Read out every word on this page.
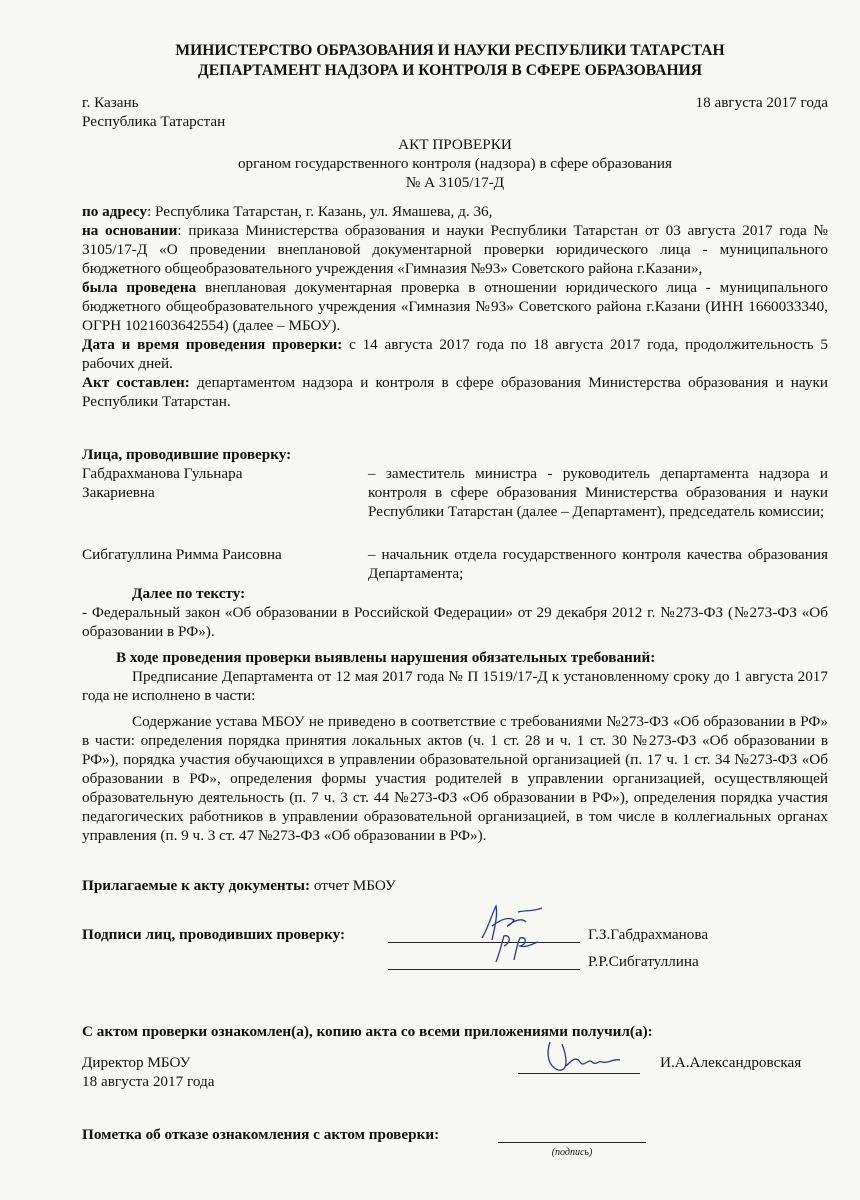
МИНИСТЕРСТВО ОБРАЗОВАНИЯ И НАУКИ РЕСПУБЛИКИ ТАТАРСТАН
ДЕПАРТАМЕНТ НАДЗОРА И КОНТРОЛЯ В СФЕРЕ ОБРАЗОВАНИЯ
г. Казань
Республика Татарстан
18 августа 2017 года
АКТ ПРОВЕРКИ
органом государственного контроля (надзора) в сфере образования
№ А 3105/17-Д

по адресу: Республика Татарстан, г. Казань, ул. Ямашева, д. 36,

на основании: приказа Министерства образования и науки Республики Татарстан от 03 августа 2017 года № 3105/17-Д «О проведении внеплановой документарной проверки юридического лица - муниципального бюджетного общеобразовательного учреждения «Гимназия №93» Советского района г.Казани»,

была проведена внеплановая документарная проверка в отношении юридического лица - муниципального бюджетного общеобразовательного учреждения «Гимназия №93» Советского района г.Казани (ИНН 1660033340, ОГРН 1021603642554) (далее – МБОУ).

Дата и время проведения проверки: с 14 августа 2017 года по 18 августа 2017 года, продолжительность 5 рабочих дней.

Акт составлен: департаментом надзора и контроля в сфере образования Министерства образования и науки Республики Татарстан.

Лица, проводившие проверку:
Габдрахманова Гульнара Закариевна
– заместитель министра - руководитель департамента надзора и контроля в сфере образования Министерства образования и науки Республики Татарстан (далее – Департамент), председатель комиссии;
Сибгатуллина Римма Раисовна	– начальник отдела государственного контроля качества образования Департамента;
Далее по тексту:
- Федеральный закон «Об образовании в Российской Федерации» от 29 декабря 2012 г. №273-ФЗ (№273-ФЗ «Об образовании в РФ»).
В ходе проведения проверки выявлены нарушения обязательных требований:

Предписание Департамента от 12 мая 2017 года № П 1519/17-Д к установленному сроку до 1 августа 2017 года не исполнено в части:

Содержание устава МБОУ не приведено в соответствие с требованиями №273-ФЗ «Об образовании в РФ» в части: определения порядка принятия локальных актов (ч. 1 ст. 28 и ч. 1 ст. 30 №273-ФЗ «Об образовании в РФ»), порядка участия обучающихся в управлении образовательной организацией (п. 17 ч. 1 ст. 34 №273-ФЗ «Об образовании в РФ», определения формы участия родителей в управлении организацией, осуществляющей образовательную деятельность (п. 7 ч. 3 ст. 44 №273-ФЗ «Об образовании в РФ»), определения порядка участия педагогических работников в управлении образовательной организацией, в том числе в коллегиальных органах управления (п. 9 ч. 3 ст. 47 №273-ФЗ «Об образовании в РФ»).

Прилагаемые к акту документы: отчет МБОУ
Подписи лиц, проводивших проверку:	Г.З.Габдрахманова
Р.Р.Сибгатуллина
С актом проверки ознакомлен(а), копию акта со всеми приложениями получил(а):
Директор МБОУ
18 августа 2017 года
И.А.Александровская
Пометка об отказе ознакомления с актом проверки:
(подпись)
